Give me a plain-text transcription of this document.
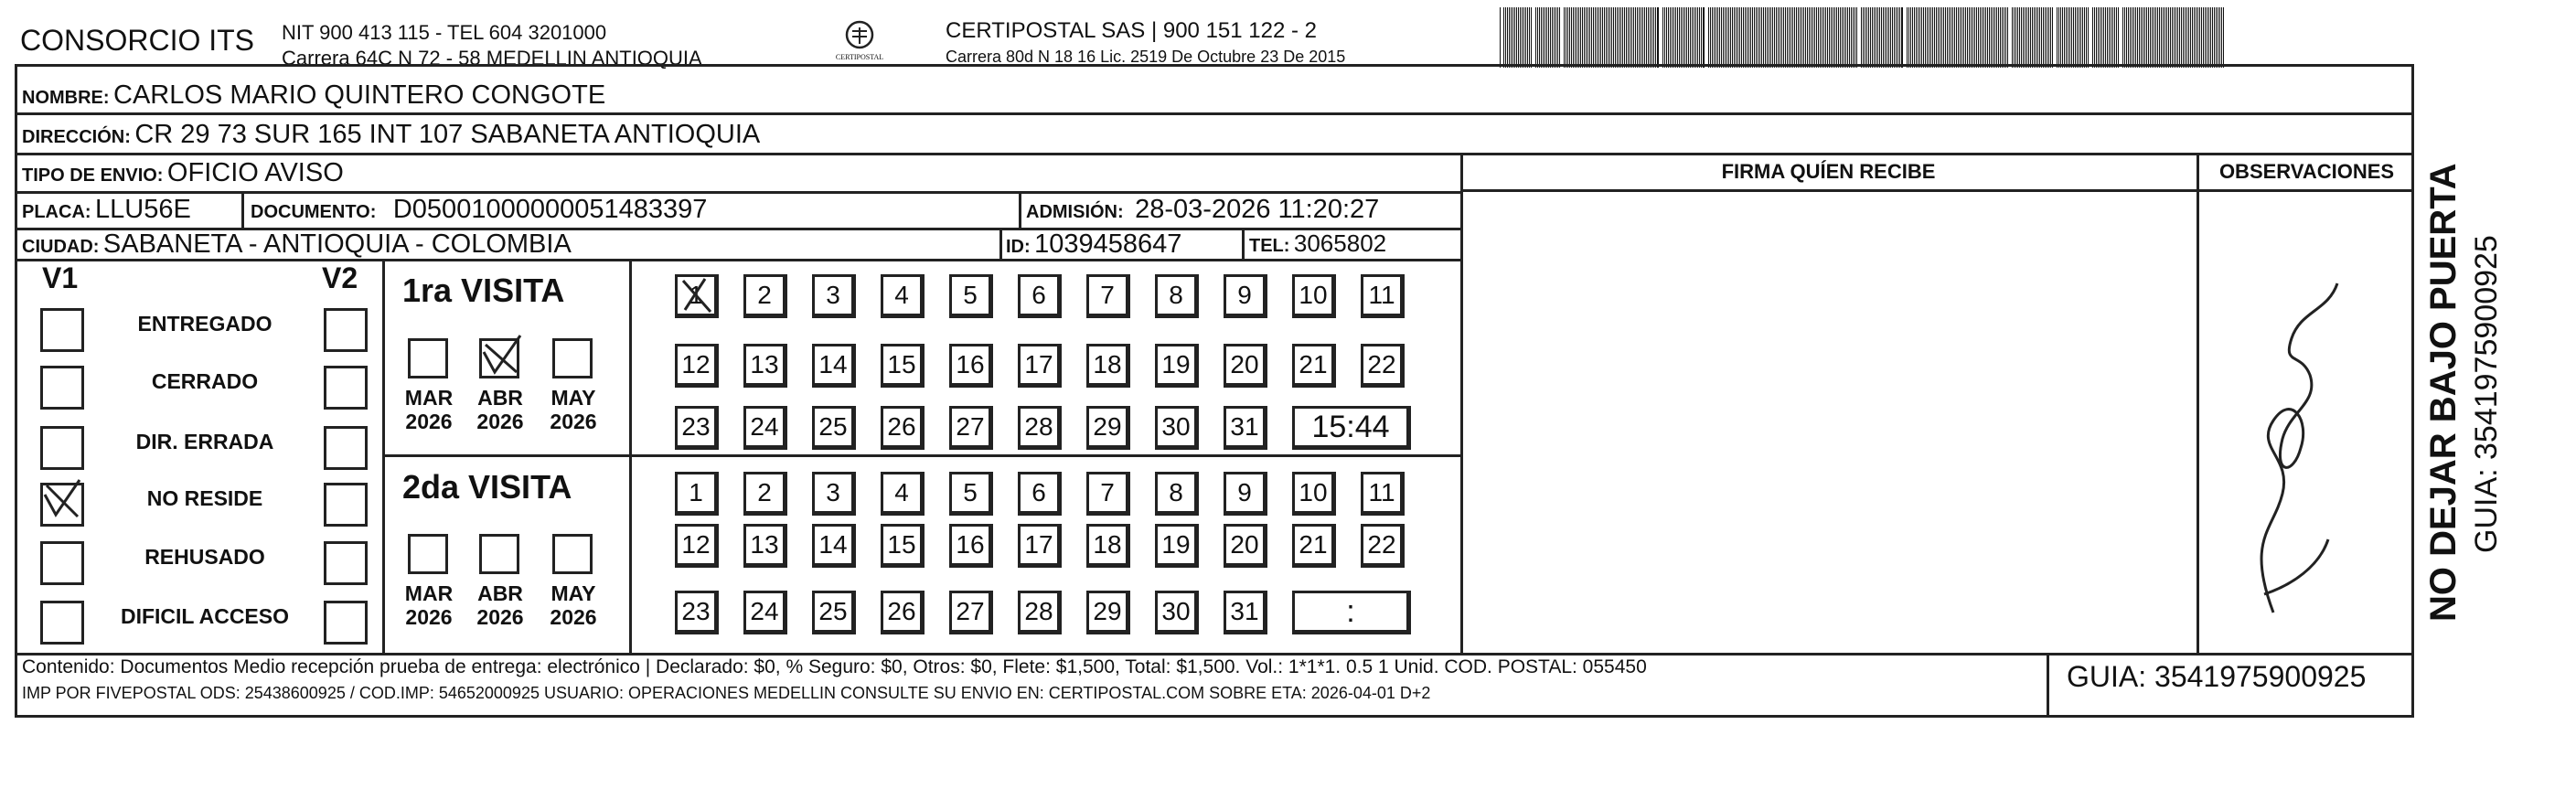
CONSORCIO ITS NIT 900 413 115 - TEL 604 3201000
Carrera 64C N 72 - 58 MEDELLIN ANTIOQUIA	CERTIPOSTAL
CERTIPOSTAL SAS | 900 151 122 - 2
Carrera 80d N 18 16 Lic. 2519 De Octubre 23 De 2015
NOMBRE: CARLOS MARIO QUINTERO CONGOTE
DIRECCIÓN: CR 29 73 SUR 165 INT 107 SABANETA ANTIOQUIA
TIPO DE ENVIO: OFICIO AVISO	FIRMA QUÍEN RECIBE	OBSERVACIONES
PLACA: LLU56E	DOCUMENTO: D05001000000051483397	ADMISIÓN: 28-03-2026 11:20:27
CIUDAD: SABANETA - ANTIOQUIA - COLOMBIA	ID: 1039458647	TEL: 3065802
V1	V2
ENTREGADO
CERRADO
DIR. ERRADA
NO RESIDE
REHUSADO
DIFICIL ACCESO
1ra VISITA
2da VISITA
MAR
2026
ABR
2026
MAY
2026
MAR
2026
ABR
2026
MAY
2026
1	2	3	4	5	6	7	8	9	10	11
12	13	14	15	16	17	18	19	20	21	22
23	24	25	26	27	28	29	30	31	15:44
1	2	3	4	5	6	7	8	9	10	11
12	13	14	15	16	17	18	19	20	21	22
23	24	25	26	27	28	29	30	31	:
Contenido: Documentos Medio recepción prueba de entrega: electrónico | Declarado: $0, % Seguro: $0, Otros: $0, Flete: $1,500, Total: $1,500. Vol.: 1*1*1. 0.5 1 Unid. COD. POSTAL: 055450
IMP POR FIVEPOSTAL ODS: 25438600925 / COD.IMP: 54652000925 USUARIO: OPERACIONES MEDELLIN CONSULTE SU ENVIO EN: CERTIPOSTAL.COM SOBRE ETA: 2026-04-01 D+2	GUIA: 3541975900925
NO DEJAR BAJO PUERTA GUIA: 3541975900925
